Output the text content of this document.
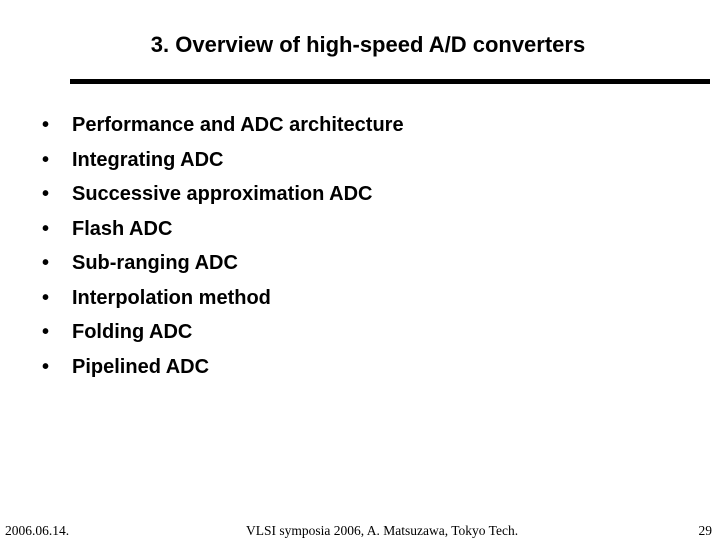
3. Overview of high-speed A/D converters
•	Performance and ADC architecture
•	Integrating ADC
•	Successive approximation ADC
•	Flash ADC
•	Sub-ranging ADC
•	Interpolation method
•	Folding ADC
•	Pipelined ADC
2006.06.14.	VLSI symposia 2006, A. Matsuzawa, Tokyo Tech.	29
